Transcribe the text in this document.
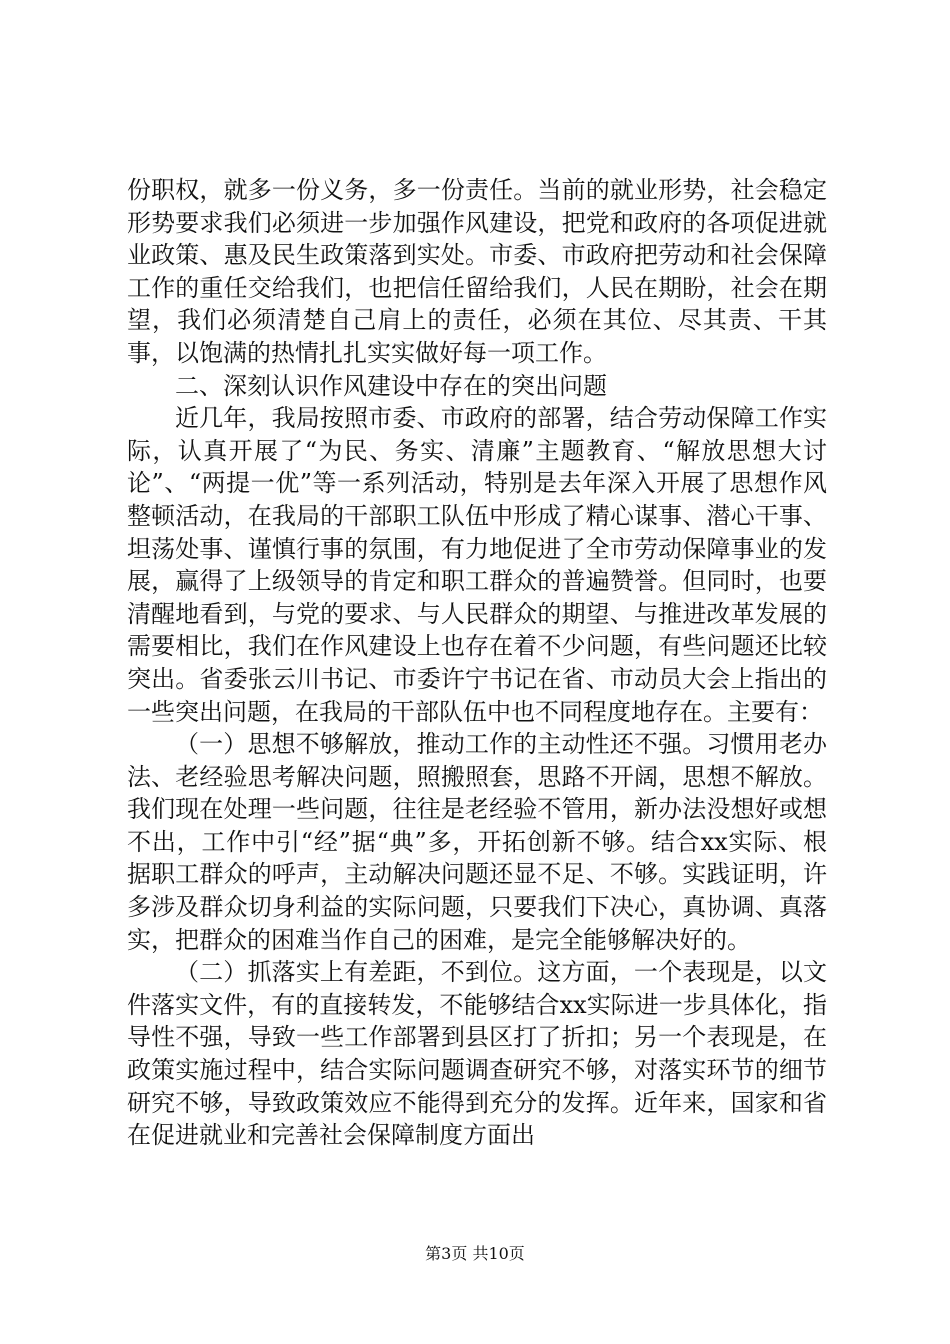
份职权，就多一份义务，多一份责任。当前的就业形势，社会稳定形势要求我们必须进一步加强作风建设，把党和政府的各项促进就业政策、惠及民生政策落到实处。市委、市政府把劳动和社会保障工作的重任交给我们，也把信任留给我们，人民在期盼，社会在期望，我们必须清楚自己肩上的责任，必须在其位、尽其责、干其事，以饱满的热情扎扎实实做好每一项工作。

二、深刻认识作风建设中存在的突出问题

近几年，我局按照市委、市政府的部署，结合劳动保障工作实际，认真开展了“为民、务实、清廉”主题教育、“解放思想大讨论”、“两提一优”等一系列活动，特别是去年深入开展了思想作风整顿活动，在我局的干部职工队伍中形成了精心谋事、潜心干事、坦荡处事、谨慎行事的氛围，有力地促进了全市劳动保障事业的发展，赢得了上级领导的肯定和职工群众的普遍赞誉。但同时，也要清醒地看到，与党的要求、与人民群众的期望、与推进改革发展的需要相比，我们在作风建设上也存在着不少问题，有些问题还比较突出。省委张云川书记、市委许宁书记在省、市动员大会上指出的一些突出问题，在我局的干部队伍中也不同程度地存在。主要有：

（一）思想不够解放，推动工作的主动性还不强。习惯用老办法、老经验思考解决问题，照搬照套，思路不开阔，思想不解放。我们现在处理一些问题，往往是老经验不管用，新办法没想好或想不出，工作中引“经”据“典”多，开拓创新不够。结合xx实际、根据职工群众的呼声，主动解决问题还显不足、不够。实践证明，许多涉及群众切身利益的实际问题，只要我们下决心，真协调、真落实，把群众的困难当作自己的困难，是完全能够解决好的。

（二）抓落实上有差距，不到位。这方面，一个表现是，以文件落实文件，有的直接转发，不能够结合xx实际进一步具体化，指导性不强，导致一些工作部署到县区打了折扣；另一个表现是，在政策实施过程中，结合实际问题调查研究不够，对落实环节的细节研究不够，导致政策效应不能得到充分的发挥。近年来，国家和省在促进就业和完善社会保障制度方面出

第3页 共10页
